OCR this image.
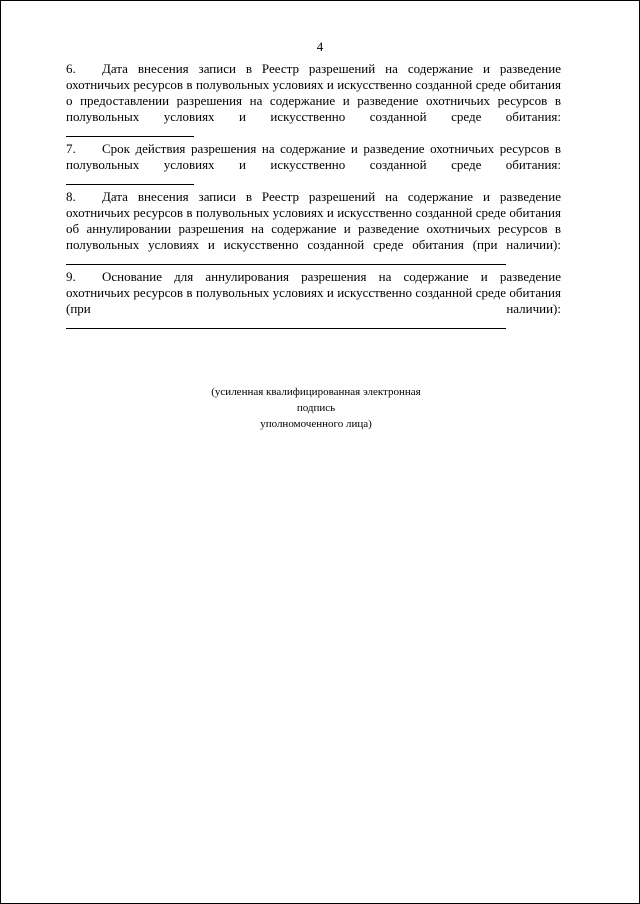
4

6. Дата внесения записи в Реестр разрешений на содержание и разведение охотничьих ресурсов в полувольных условиях и искусственно созданной среде обитания о предоставлении разрешения на содержание и разведение охотничьих ресурсов в полувольных условиях и искусственно созданной среде обитания:

7. Срок действия разрешения на содержание и разведение охотничьих ресурсов в полувольных условиях и искусственно созданной среде обитания:

8. Дата внесения записи в Реестр разрешений на содержание и разведение охотничьих ресурсов в полувольных условиях и искусственно созданной среде обитания об аннулировании разрешения на содержание и разведение охотничьих ресурсов в полувольных условиях и искусственно созданной среде обитания (при наличии):

9. Основание для аннулирования разрешения на содержание и разведение охотничьих ресурсов в полувольных условиях и искусственно созданной среде обитания (при наличии):

(усиленная квалифицированная электронная подпись
уполномоченного лица)
